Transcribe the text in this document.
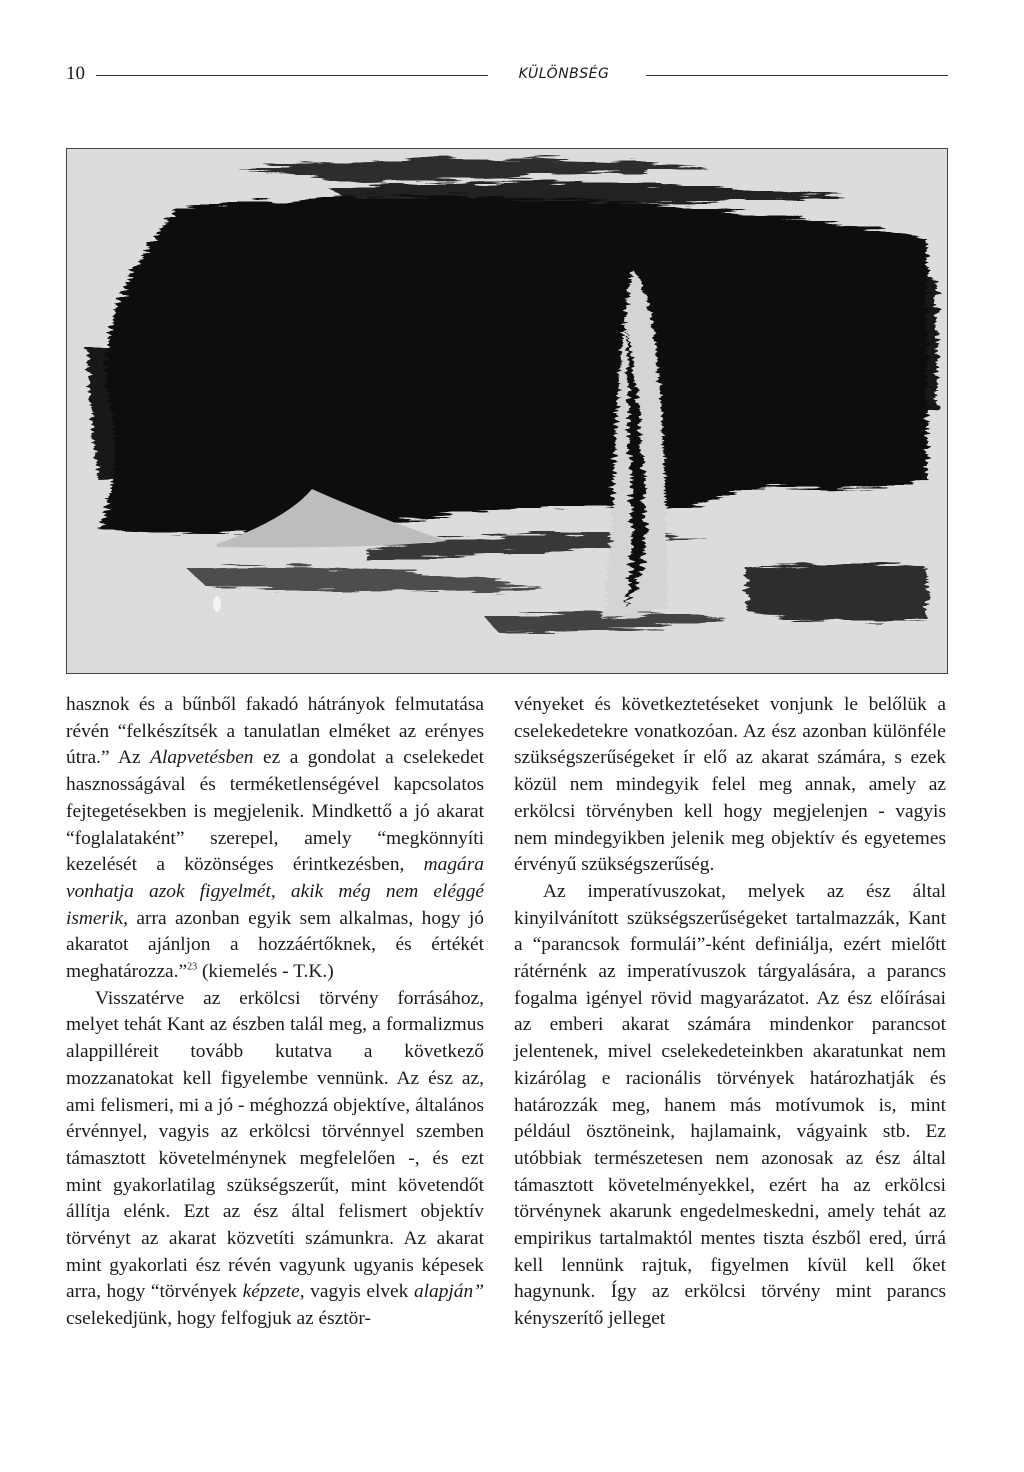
10	KÜLÖNBSÉG

hasznok és a bűnből fakadó hátrányok felmutatása révén “felkészítsék a tanulatlan elméket az erényes útra.” Az Alapvetésben ez a gondolat a cselekedet hasznosságával és terméketlenségével kapcsolatos fejtegetésekben is megjelenik. Mindkettő a jó akarat “foglalataként” szerepel, amely “megkönnyíti kezelését a közönséges érintkezésben, magára vonhatja azok figyelmét, akik még nem eléggé ismerik, arra azonban egyik sem alkalmas, hogy jó akaratot ajánljon a hozzáértőknek, és értékét meghatározza.”$^{23}$ (kiemelés - T.K.)

Visszatérve az erkölcsi törvény forrásához, melyet tehát Kant az észben talál meg, a formalizmus alappilléreit tovább kutatva a következő mozzanatokat kell figyelembe vennünk. Az ész az, ami felismeri, mi a jó - méghozzá objektíve, általános érvénnyel, vagyis az erkölcsi törvénnyel szemben támasztott követelménynek megfelelően -, és ezt mint gyakorlatilag szükségszerűt, mint követendőt állítja elénk. Ezt az ész által felismert objektív törvényt az akarat közvetíti számunkra. Az akarat mint gyakorlati ész révén vagyunk ugyanis képesek arra, hogy “törvények képzete, vagyis elvek alapján” cselekedjünk, hogy felfogjuk az észtör-

vényeket és következtetéseket vonjunk le belőlük a cselekedetekre vonatkozóan. Az ész azonban különféle szükségszerűségeket ír elő az akarat számára, s ezek közül nem mindegyik felel meg annak, amely az erkölcsi törvényben kell hogy megjelenjen - vagyis nem mindegyikben jelenik meg objektív és egyetemes érvényű szükségszerűség.

Az imperatívuszokat, melyek az ész által kinyilvánított szükségszerűségeket tartalmazzák, Kant a “parancsok formulái”-ként definiálja, ezért mielőtt rátérnénk az imperatívuszok tárgyalására, a parancs fogalma igényel rövid magyarázatot. Az ész előírásai az emberi akarat számára mindenkor parancsot jelentenek, mivel cselekedeteinkben akaratunkat nem kizárólag e racionális törvények határozhatják és határozzák meg, hanem más motívumok is, mint például ösztöneink, hajlamaink, vágyaink stb. Ez utóbbiak természetesen nem azonosak az ész által támasztott követelményekkel, ezért ha az erkölcsi törvénynek akarunk engedelmeskedni, amely tehát az empirikus tartalmaktól mentes tiszta észből ered, úrrá kell lennünk rajtuk, figyelmen kívül kell őket hagynunk. Így az erkölcsi törvény mint parancs kényszerítő jelleget
